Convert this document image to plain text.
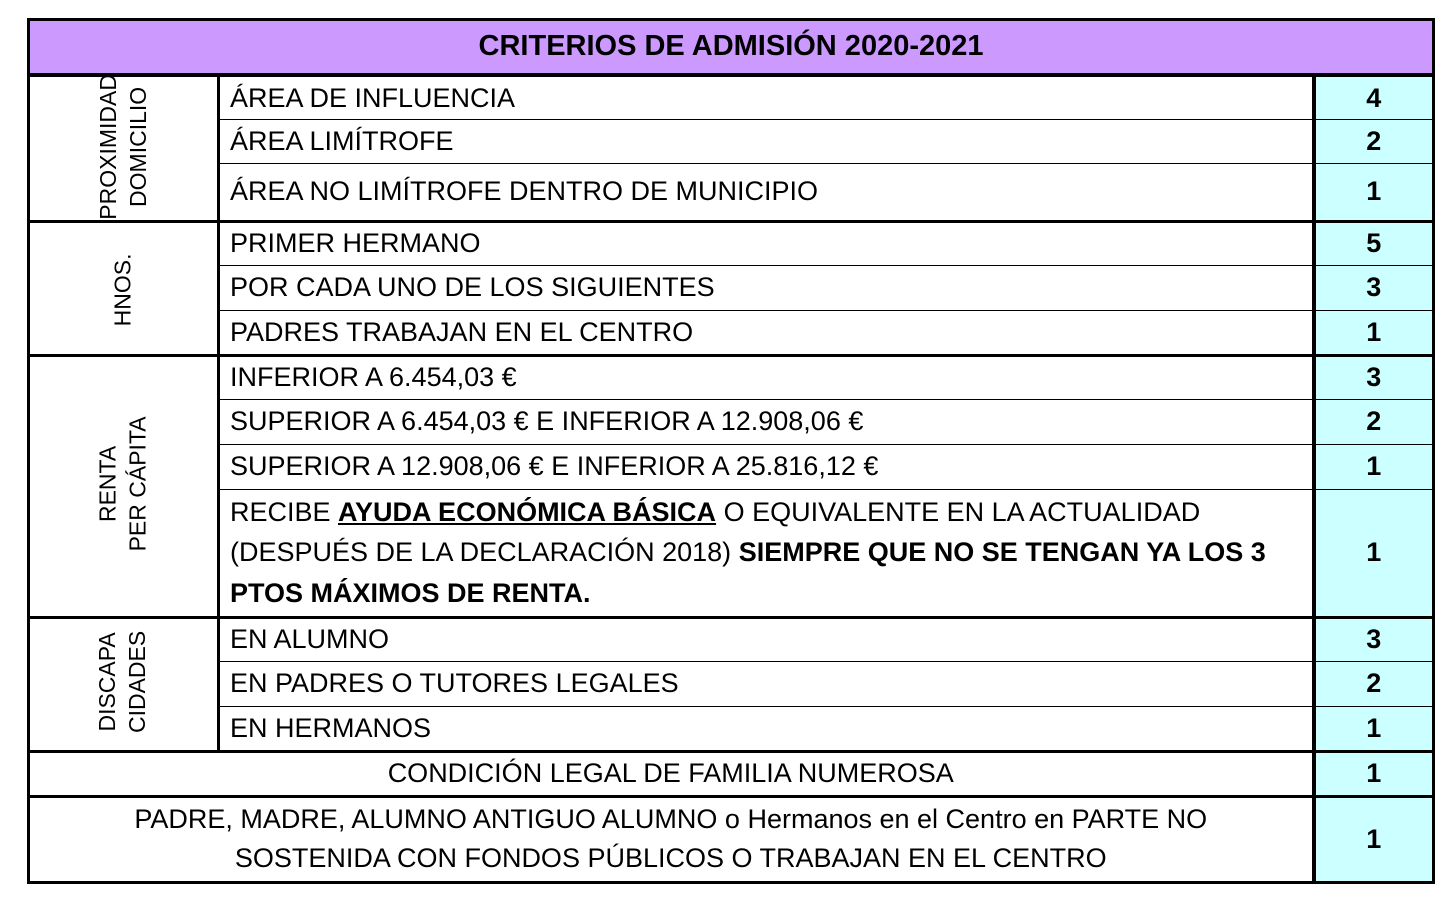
CRITERIOS DE ADMISIÓN 2020-2021		
PROXIMIDAD DOMICILIO	ÁREA DE INFLUENCIA	4
	ÁREA LIMÍTROFE	2
	ÁREA NO LIMÍTROFE DENTRO DE MUNICIPIO	1
HNOS.	PRIMER HERMANO	5
	POR CADA UNO DE LOS SIGUIENTES	3
	PADRES TRABAJAN EN EL CENTRO	1
RENTA PER CÁPITA	INFERIOR A 6.454,03 €	3
	SUPERIOR A 6.454,03 € E INFERIOR A 12.908,06 €	2
	SUPERIOR A 12.908,06 € E INFERIOR A 25.816,12 €	1
	RECIBE AYUDA ECONÓMICA BÁSICA O EQUIVALENTE EN LA ACTUALIDAD (DESPUÉS DE LA DECLARACIÓN 2018) SIEMPRE QUE NO SE TENGAN YA LOS 3 PTOS MÁXIMOS DE RENTA.	1
DISCAPA CIDADES	EN ALUMNO	3
	EN PADRES O TUTORES LEGALES	2
	EN HERMANOS	1
CONDICIÓN LEGAL DE FAMILIA NUMEROSA		1
PADRE, MADRE, ALUMNO ANTIGUO ALUMNO o Hermanos en el Centro en PARTE NO
SOSTENIDA CON FONDOS PÚBLICOS O TRABAJAN EN EL CENTRO		1
